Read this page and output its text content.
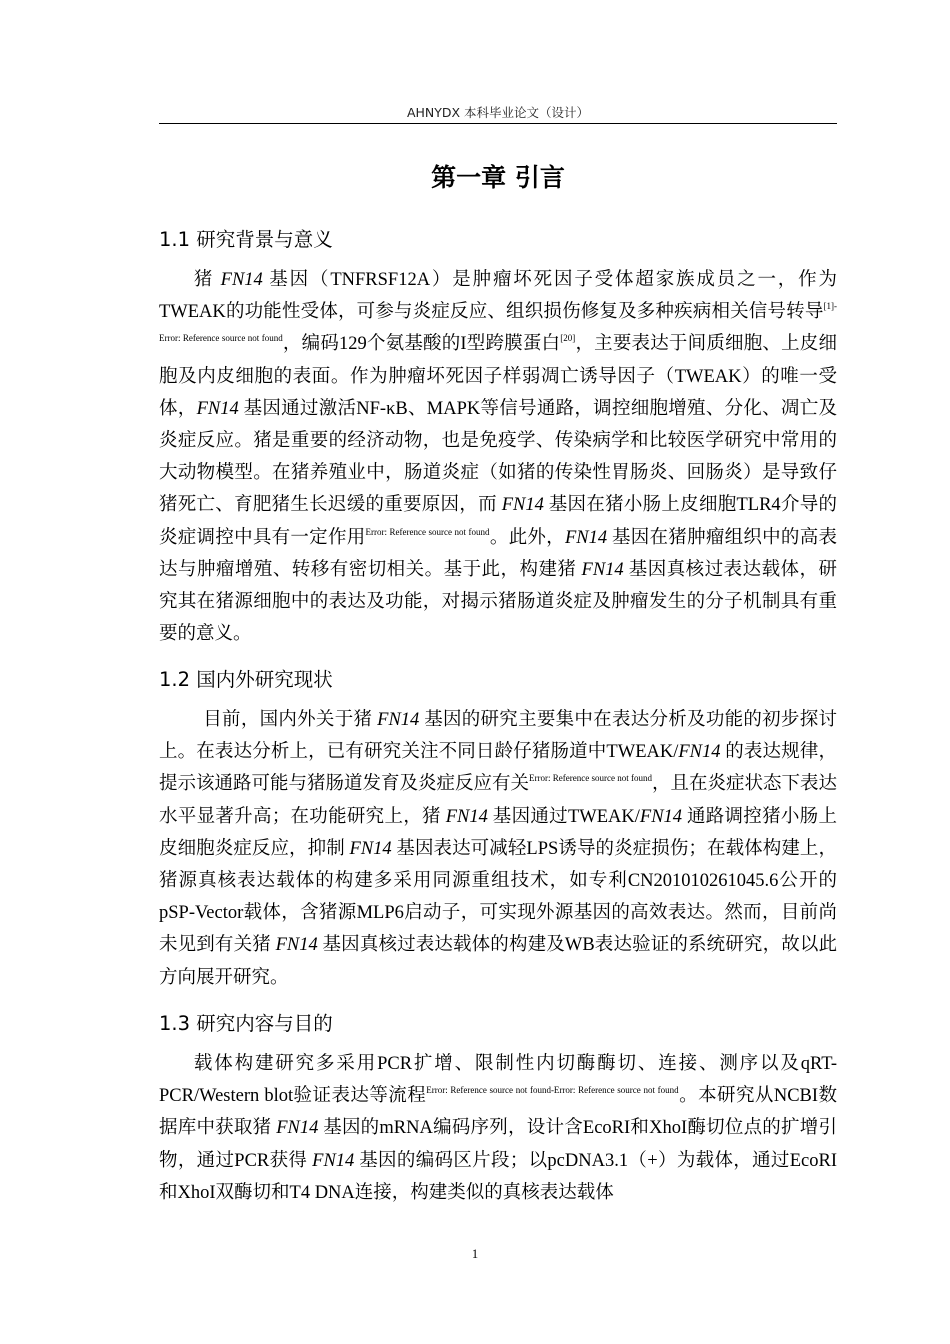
AHNYDX 本科毕业论文（设计）
第一章 引言
1.1 研究背景与意义

猪 FN14 基因（TNFRSF12A）是肿瘤坏死因子受体超家族成员之一，作为TWEAK的功能性受体，可参与炎症反应、组织损伤修复及多种疾病相关信号转导$^{[1]-Error: Reference source not found}$，编码129个氨基酸的I型跨膜蛋白[20]，主要表达于间质细胞、上皮细胞及内皮细胞的表面。作为肿瘤坏死因子样弱凋亡诱导因子（TWEAK）的唯一受体，FN14 基因通过激活NF-κB、MAPK等信号通路，调控细胞增殖、分化、凋亡及炎症反应。猪是重要的经济动物，也是免疫学、传染病学和比较医学研究中常用的大动物模型。在猪养殖业中，肠道炎症（如猪的传染性胃肠炎、回肠炎）是导致仔猪死亡、育肥猪生长迟缓的重要原因，而 FN14 基因在猪小肠上皮细胞TLR4介导的炎症调控中具有一定作用$^{Error: Reference source not found}$。此外，FN14 基因在猪肿瘤组织中的高表达与肿瘤增殖、转移有密切相关。基于此，构建猪 FN14 基因真核过表达载体，研究其在猪源细胞中的表达及功能，对揭示猪肠道炎症及肿瘤发生的分子机制具有重要的意义。

1.2 国内外研究现状

目前，国内外关于猪 FN14 基因的研究主要集中在表达分析及功能的初步探讨上。在表达分析上，已有研究关注不同日龄仔猪肠道中TWEAK/FN14 的表达规律，提示该通路可能与猪肠道发育及炎症反应有关$^{Error: Reference source not found}$，且在炎症状态下表达水平显著升高；在功能研究上，猪 FN14 基因通过TWEAK/FN14 通路调控猪小肠上皮细胞炎症反应，抑制 FN14 基因表达可减轻LPS诱导的炎症损伤；在载体构建上，猪源真核表达载体的构建多采用同源重组技术，如专利CN201010261045.6公开的pSP-Vector载体，含猪源MLP6启动子，可实现外源基因的高效表达。然而，目前尚未见到有关猪 FN14 基因真核过表达载体的构建及WB表达验证的系统研究，故以此方向展开研究。

1.3 研究内容与目的

载体构建研究多采用PCR扩增、限制性内切酶酶切、连接、测序以及qRT-PCR/Western blot验证表达等流程$^{Error: Reference source not found-Error: Reference source not found}$。本研究从NCBI数据库中获取猪 FN14 基因的mRNA编码序列，设计含EcoRI和XhoI酶切位点的扩增引物，通过PCR获得 FN14 基因的编码区片段；以pcDNA3.1（+）为载体，通过EcoRI和XhoI双酶切和T4 DNA连接，构建类似的真核表达载体

1
